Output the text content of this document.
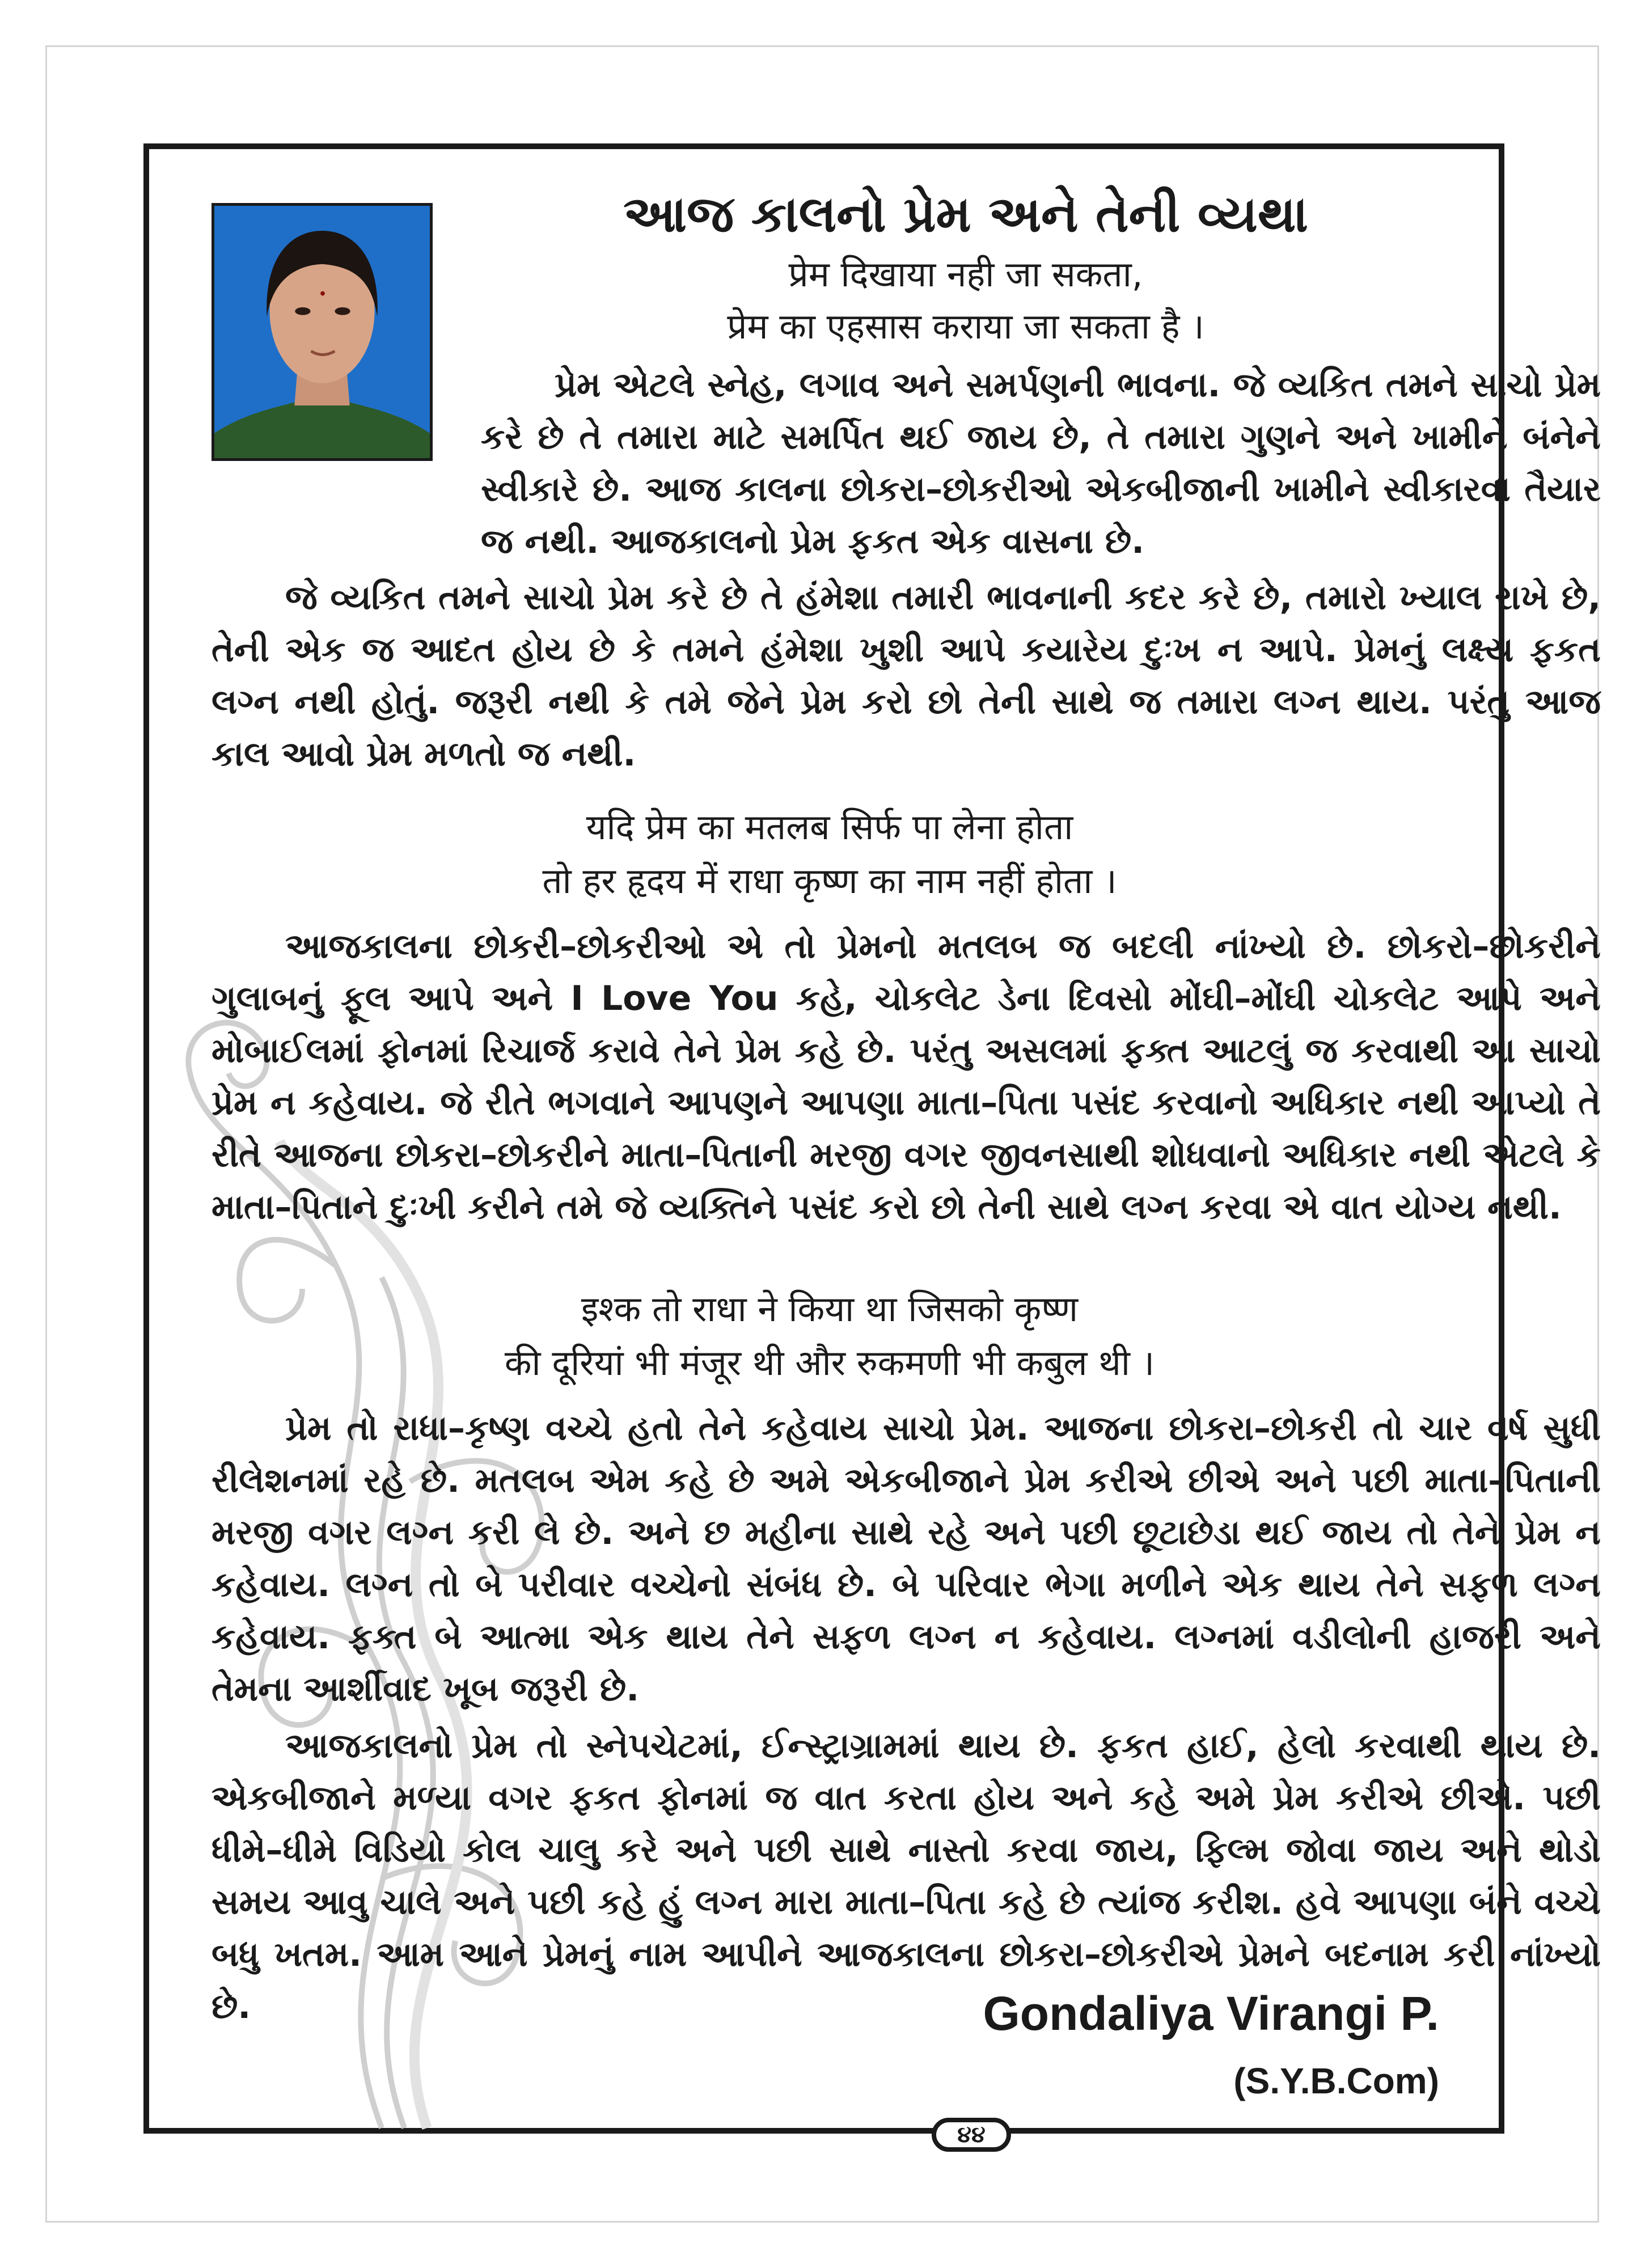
આજ કાલનો પ્રેમ અને તેની વ્યથા
प्रेम दिखाया नही जा सकता,
प्रेम का एहसास कराया जा सकता है ।

પ્રેમ એટલે સ્નેહ, લગાવ અને સમર્પણની ભાવના. જે વ્યકિત તમને સાચો પ્રેમ કરે છે તે તમારા માટે સમર્પિત થઈ જાય છે, તે તમારા ગુણને અને ખામીને બંનેને સ્વીકારે છે. આજ કાલના છોકરા–છોકરીઓ એકબીજાની ખામીને સ્વીકારવા તૈયાર જ નથી. આજકાલનો પ્રેમ ફકત એક વાસના છે.

જે વ્યકિત તમને સાચો પ્રેમ કરે છે તે હંમેશા તમારી ભાવનાની કદર કરે છે, તમારો ખ્યાલ રાખે છે, તેની એક જ આદત હોય છે કે તમને હંમેશા ખુશી આપે કયારેય દુઃખ ન આપે. પ્રેમનું લક્ષ્ય ફકત લગ્ન નથી હોતું. જરૂરી નથી કે તમે જેને પ્રેમ કરો છો તેની સાથે જ તમારા લગ્ન થાય. પરંતુ આજ કાલ આવો પ્રેમ મળતો જ નથી.

यदि प्रेम का मतलब सिर्फ पा लेना होता
तो हर हृदय में राधा कृष्ण का नाम नहीं होता ।

આજકાલના છોકરી–છોકરીઓ એ તો પ્રેમનો મતલબ જ બદલી નાંખ્યો છે. છોકરો–છોકરીને ગુલાબનું ફૂલ આપે અને I Love You કહે, ચોકલેટ ડેના દિવસો મોંઘી–મોંઘી ચોકલેટ આપે અને મોબાઈલમાં ફોનમાં રિચાર્જ કરાવે તેને પ્રેમ કહે છે. પરંતુ અસલમાં ફક્ત આટલું જ કરવાથી આ સાચો પ્રેમ ન કહેવાય. જે રીતે ભગવાને આપણને આપણા માતા–પિતા પસંદ કરવાનો અધિકાર નથી આપ્યો તે રીતે આજના છોકરા–છોકરીને માતા–પિતાની મરજી વગર જીવનસાથી શોધવાનો અધિકાર નથી એટલે કે માતા–પિતાને દુઃખી કરીને તમે જે વ્યક્તિને પસંદ કરો છો તેની સાથે લગ્ન કરવા એ વાત યોગ્ય નથી.

इश्क तो राधा ने किया था जिसको कृष्ण
की दूरियां भी मंजूर थी और रुकमणी भी कबुल थी ।

પ્રેમ તો રાધા–કૃષ્ણ વચ્ચે હતો તેને કહેવાય સાચો પ્રેમ. આજના છોકરા–છોકરી તો ચાર વર્ષ સુધી રીલેશનમાં રહે છે. મતલબ એમ કહે છે અમે એકબીજાને પ્રેમ કરીએ છીએ અને પછી માતા–પિતાની મરજી વગર લગ્ન કરી લે છે. અને છ મહીના સાથે રહે અને પછી છૂટાછેડા થઈ જાય તો તેને પ્રેમ ન કહેવાય. લગ્ન તો બે પરીવાર વચ્ચેનો સંબંધ છે. બે પરિવાર ભેગા મળીને એક થાય તેને સફળ લગ્ન કહેવાય. ફક્ત બે આત્મા એક થાય તેને સફળ લગ્ન ન કહેવાય. લગ્નમાં વડીલોની હાજરી અને તેમના આર્શીવાદ ખૂબ જરૂરી છે.

આજકાલનો પ્રેમ તો સ્નેપચેટમાં, ઈન્સ્ટ્રાગ્રામમાં થાય છે. ફકત હાઈ, હેલો કરવાથી થાય છે. એકબીજાને મળ્યા વગર ફકત ફોનમાં જ વાત કરતા હોય અને કહે અમે પ્રેમ કરીએ છીએ. પછી ધીમે–ધીમે વિડિયો કોલ ચાલુ કરે અને પછી સાથે નાસ્તો કરવા જાય, ફિલ્મ જોવા જાય અને થોડો સમય આવુ ચાલે અને પછી કહે હું લગ્ન મારા માતા–પિતા કહે છે ત્યાંજ કરીશ. હવે આપણા બંને વચ્ચે બધુ ખતમ. આમ આને પ્રેમનું નામ આપીને આજકાલના છોકરા–છોકરીએ પ્રેમને બદનામ કરી નાંખ્યો છે.	Gondaliya Virangi P.
(S.Y.B.Com)
૪૪
